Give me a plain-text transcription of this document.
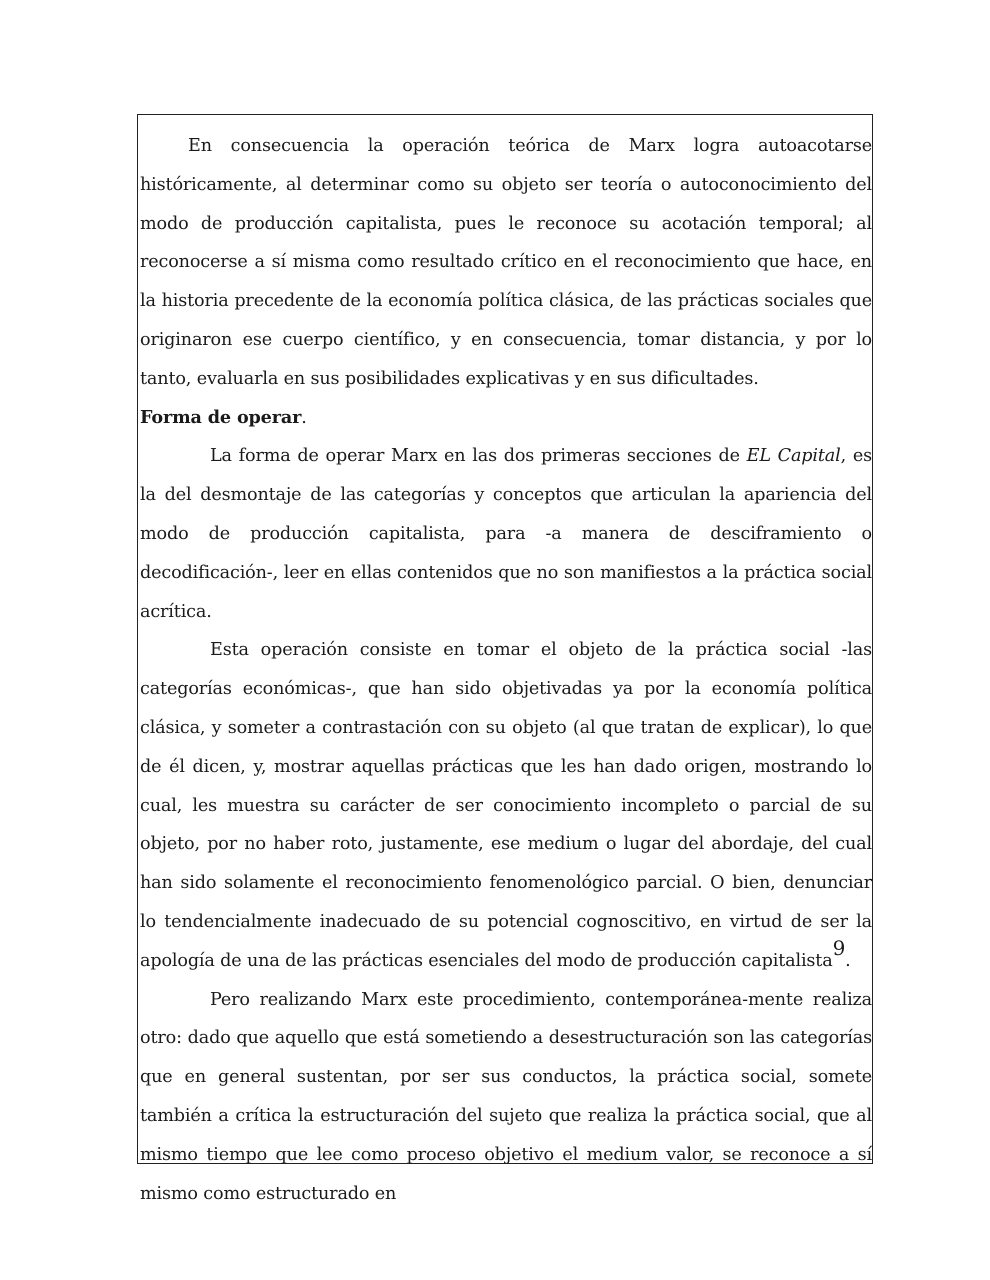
En consecuencia la operación teórica de Marx logra autoacotarse históricamente, al determinar como su objeto ser teoría o autoconocimiento del modo de producción capitalista, pues le reconoce su acotación temporal; al reconocerse a sí misma como resultado crítico en el reconocimiento que hace, en la historia precedente de la economía política clásica, de las prácticas sociales que originaron ese cuerpo científico, y en consecuencia, tomar distancia, y por lo tanto, evaluarla en sus posibilidades explicativas y en sus dificultades.

Forma de operar.

La forma de operar Marx en las dos primeras secciones de EL Capital, es la del desmontaje de las categorías y conceptos que articulan la apariencia del modo de producción capitalista, para -a manera de desciframiento o decodificación-, leer en ellas contenidos que no son manifiestos a la práctica social acrítica.

Esta operación consiste en tomar el objeto de la práctica social -las categorías económicas-, que han sido objetivadas ya por la economía política clásica, y someter a contrastación con su objeto (al que tratan de explicar), lo que de él dicen, y, mostrar aquellas prácticas que les han dado origen, mostrando lo cual, les muestra su carácter de ser conocimiento incompleto o parcial de su objeto, por no haber roto, justamente, ese medium o lugar del abordaje, del cual han sido solamente el reconocimiento fenomenológico parcial. O bien, denunciar lo tendencialmente inadecuado de su potencial cognoscitivo, en virtud de ser la apología de una de las prácticas esenciales del modo de producción capitalista9.

Pero realizando Marx este procedimiento, contemporánea-mente realiza otro: dado que aquello que está sometiendo a desestructuración son las categorías que en general sustentan, por ser sus conductos, la práctica social, somete también a crítica la estructuración del sujeto que realiza la práctica social, que al mismo tiempo que lee como proceso objetivo el medium valor, se reconoce a sí mismo como estructurado en
